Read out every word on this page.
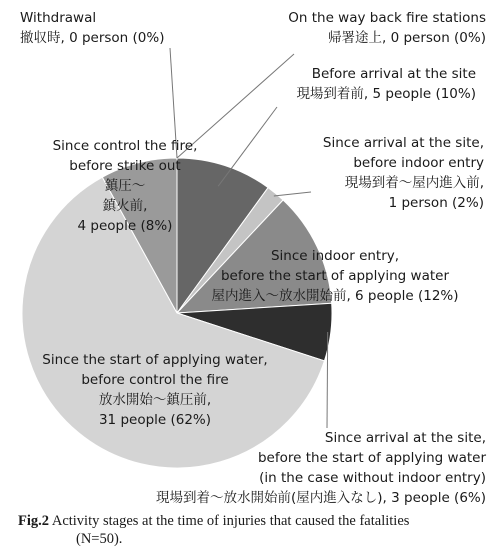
Withdrawal
撤収時, 0 person (0%)
On the way back fire stations
帰署途上, 0 person (0%)
Before arrival at the site
現場到着前, 5 people (10%)
Since arrival at the site,
before indoor entry
現場到着～屋内進入前,
1 person (2%)
Since indoor entry,
before the start of applying water
屋内進入～放水開始前, 6 people (12%)
Since control the fire,
before strike out
鎮圧～
鎮火前,
4 people (8%)
Since the start of applying water,
before control the fire
放水開始～鎮圧前,
31 people (62%)
Since arrival at the site,
before the start of applying water
(in the case without indoor entry)
現場到着～放水開始前(屋内進入なし), 3 people (6%)
Fig.2 Activity stages at the time of injuries that caused the fatalities
(N=50).
